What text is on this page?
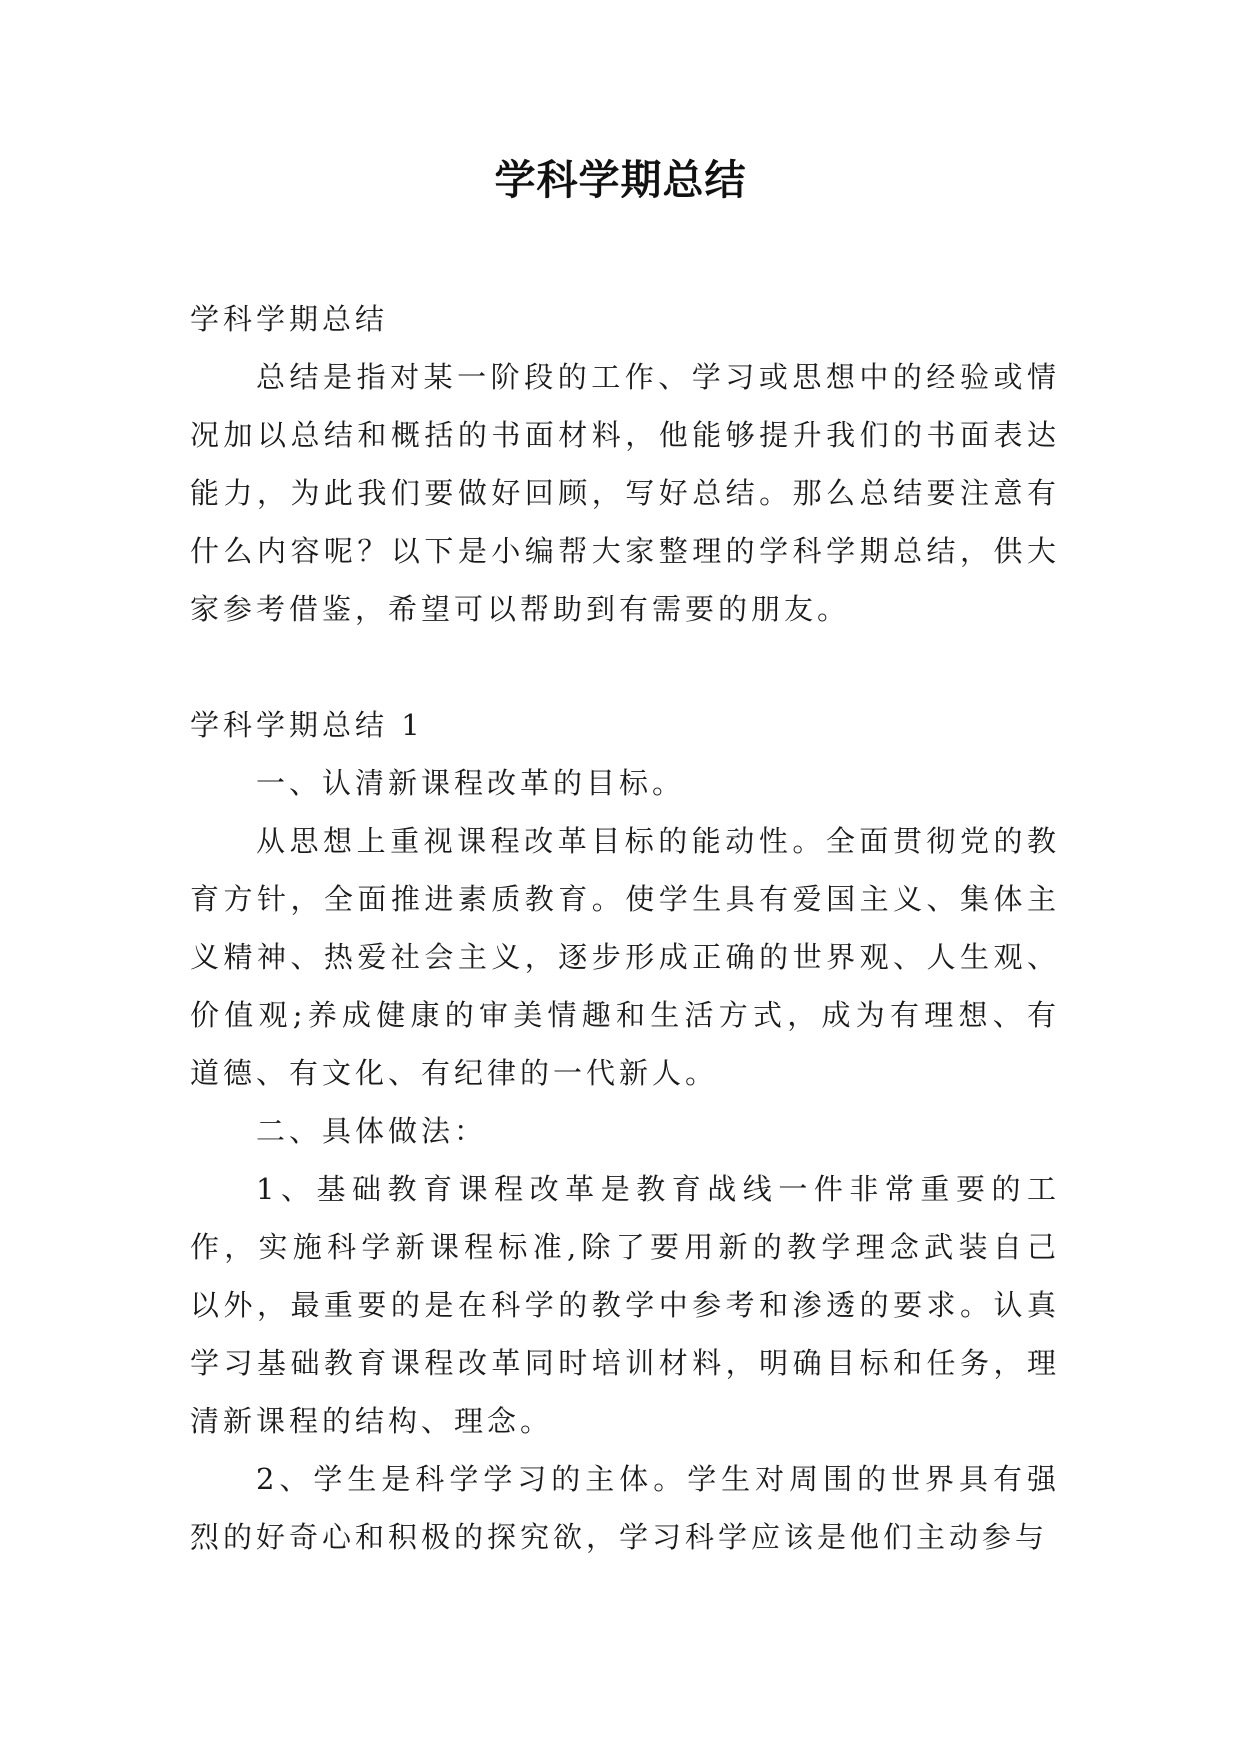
学科学期总结

学科学期总结

总结是指对某一阶段的工作、学习或思想中的经验或情况加以总结和概括的书面材料，他能够提升我们的书面表达能力，为此我们要做好回顾，写好总结。那么总结要注意有什么内容呢？以下是小编帮大家整理的学科学期总结，供大家参考借鉴，希望可以帮助到有需要的朋友。

学科学期总结 1

一、认清新课程改革的目标。

从思想上重视课程改革目标的能动性。全面贯彻党的教育方针，全面推进素质教育。使学生具有爱国主义、集体主义精神、热爱社会主义，逐步形成正确的世界观、人生观、价值观;养成健康的审美情趣和生活方式，成为有理想、有道德、有文化、有纪律的一代新人。

二、具体做法：

1、基础教育课程改革是教育战线一件非常重要的工作，实施科学新课程标准,除了要用新的教学理念武装自己以外，最重要的是在科学的教学中参考和渗透的要求。认真学习基础教育课程改革同时培训材料，明确目标和任务，理清新课程的结构、理念。

2、学生是科学学习的主体。学生对周围的世界具有强烈的好奇心和积极的探究欲，学习科学应该是他们主动参与
